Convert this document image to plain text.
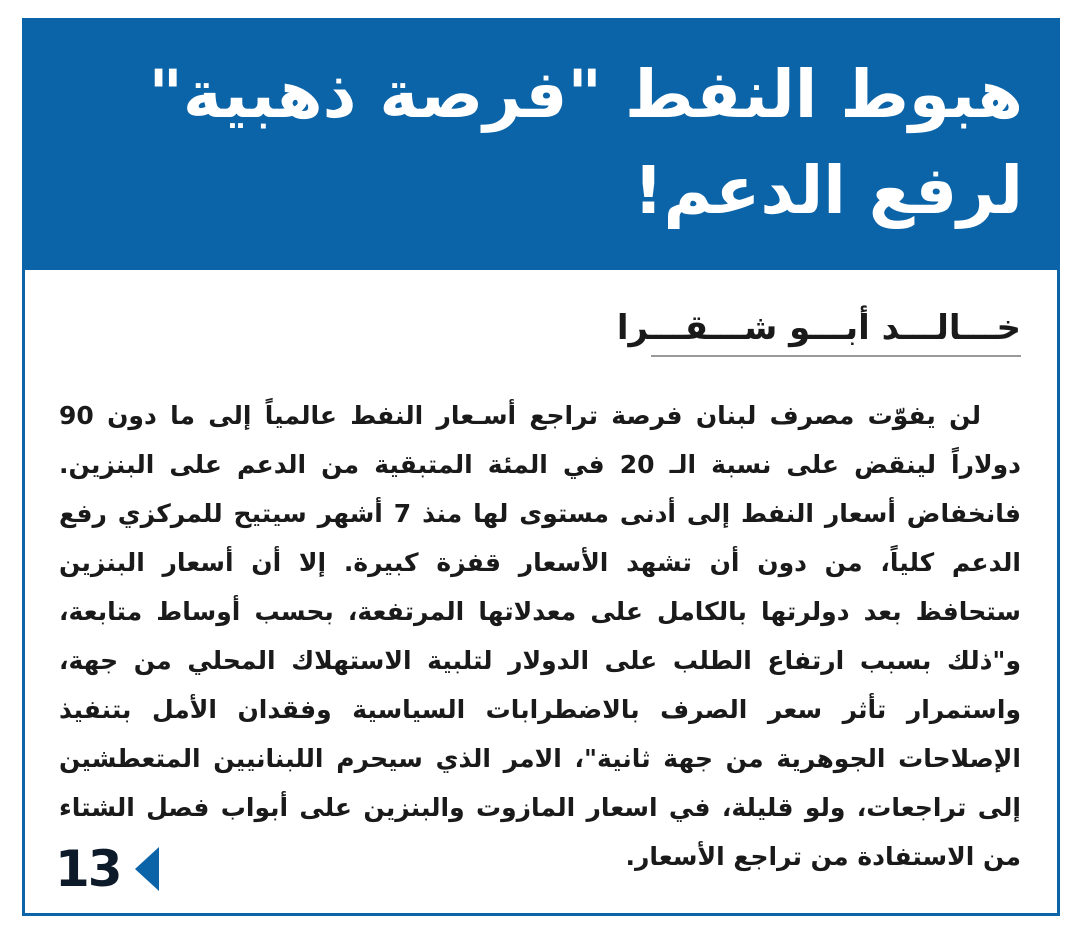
هبوط النفط "فرصة ذهبية" لرفع الدعم!
خـــالـــد أبـــو شـــقـــرا

لن يفوّت مصرف لبنان فرصة تراجع أسـعار النفط عالمياً إلى ما دون 90 دولاراً لينقض على نسبة الـ 20 في المئة المتبقية من الدعم على البنزين. فانخفاض أسعار النفط إلى أدنى مستوى لها منذ 7 أشهر سيتيح للمركزي رفع الدعم كلياً، من دون أن تشهد الأسعار قفزة كبيرة. إلا أن أسعار البنزين ستحافظ بعد دولرتها بالكامل على معدلاتها المرتفعة، بحسب أوساط متابعة، و"ذلك بسبب ارتفاع الطلب على الدولار لتلبية الاستهلاك المحلي من جهة، واستمرار تأثر سعر الصرف بالاضطرابات السياسية وفقدان الأمل بتنفيذ الإصلاحات الجوهرية من جهة ثانية"، الامر الذي سيحرم اللبنانيين المتعطشين إلى تراجعات، ولو قليلة، في اسعار المازوت والبنزين على أبواب فصل الشتاء من الاستفادة من تراجع الأسعار.

13
